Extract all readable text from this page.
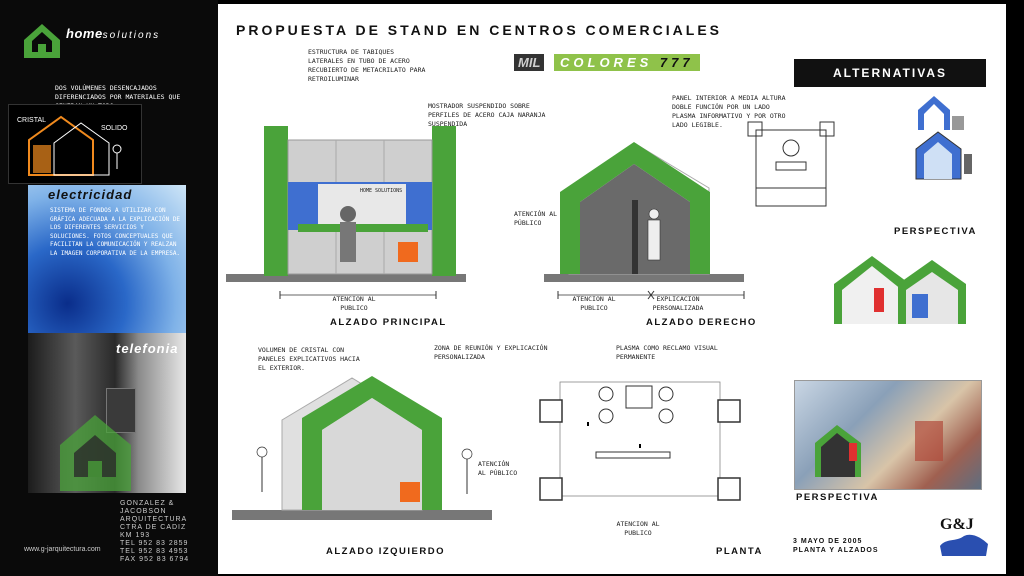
homesolutions
DOS VOLÚMENES DESENCAJADOS DIFERENCIADOS POR MATERIALES QUE
CRISTAL
SOLIDO
electricidad
SISTEMA DE FONDOS A UTILIZAR CON GRÁFICA ADECUADA A LA EXPLICACIÓN DE LOS DIFERENTES SERVICIOS Y SOLUCIONES. FOTOS CONCEPTUALES QUE FACILITAN LA COMUNICACIÓN Y REALZAN LA IMAGEN CORPORATIVA DE LA EMPRESA.
telefonia
GONZALEZ &
JACOBSON
ARQUITECTURA
CTRA DE CADIZ
KM 193
TEL 952 83 2859
TEL 952 83 4953
FAX 952 83 6794
www.g-jarquitectura.com
PROPUESTA DE STAND EN CENTROS COMERCIALES
MIL	COLORES 777
ALTERNATIVAS
HOME SOLUTIONS
ESTRUCTURA DE TABIQUES LATERALES EN TUBO DE ACERO RECUBIERTO DE METACRILATO PARA RETROILUMINAR
MOSTRADOR SUSPENDIDO SOBRE PERFILES DE ACERO CAJA NARANJA SUSPENDIDA
ATENCION AL PUBLICO
ALZADO PRINCIPAL
PANEL INTERIOR A MEDIA ALTURA DOBLE FUNCIÓN POR UN LADO PLASMA INFORMATIVO Y POR OTRO LADO LEGIBLE.
ATENCIÓN AL PÚBLICO
ATENCION AL PUBLICO
EXPLICACION PERSONALIZADA
ALZADO DERECHO
VOLUMEN DE CRISTAL CON PANELES EXPLICATIVOS HACIA EL EXTERIOR.
ATENCIÓN AL PÚBLICO
ALZADO IZQUIERDO
ZONA DE REUNIÓN Y EXPLICACIÓN PERSONALIZADA
PLASMA COMO RECLAMO VISUAL PERMANENTE
ATENCION AL PUBLICO
PLANTA
PERSPECTIVA
PERSPECTIVA
3 MAYO DE 2005
PLANTA Y ALZADOS
G&J
